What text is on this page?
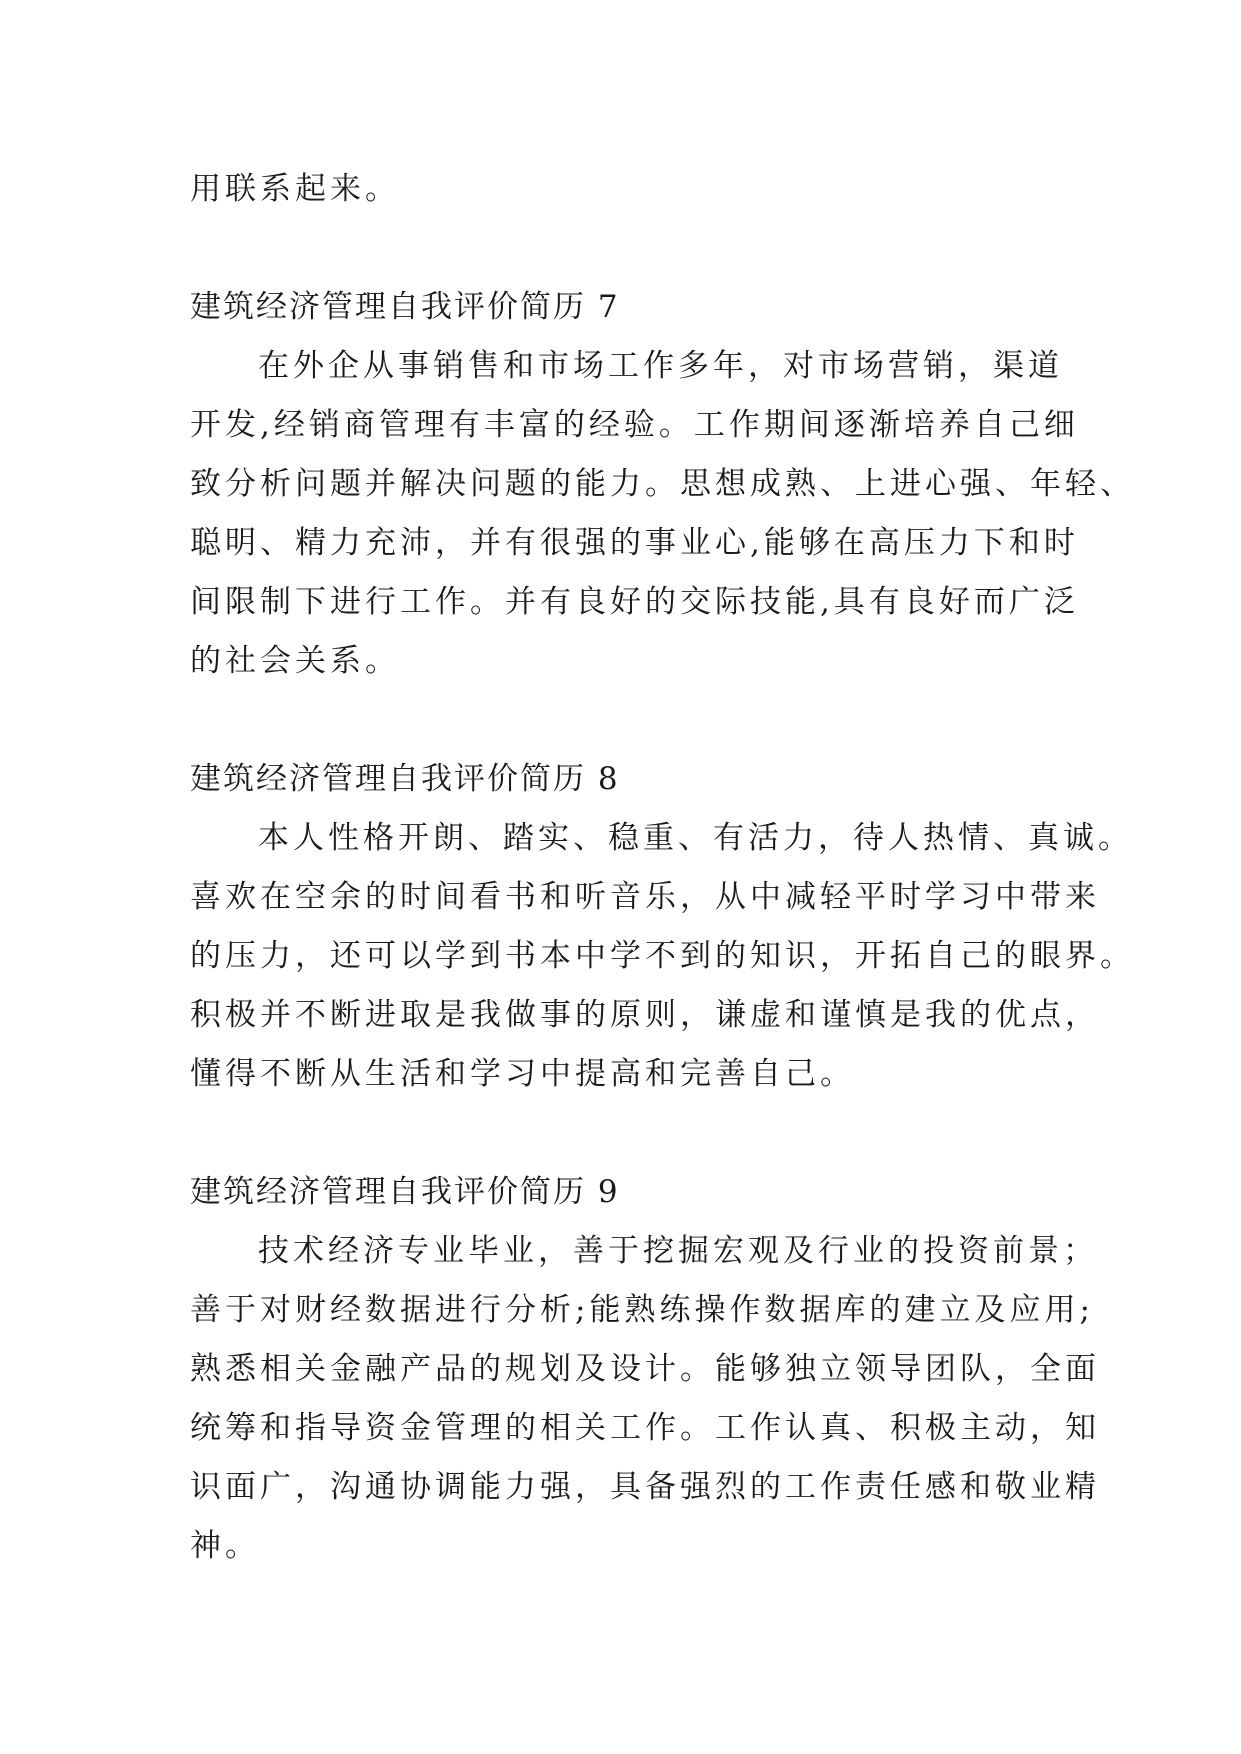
用联系起来。

建筑经济管理自我评价简历 7

在外企从事销售和市场工作多年，对市场营销，渠道

开发,经销商管理有丰富的经验。工作期间逐渐培养自己细

致分析问题并解决问题的能力。思想成熟、上进心强、年轻、

聪明、精力充沛，并有很强的事业心,能够在高压力下和时

间限制下进行工作。并有良好的交际技能,具有良好而广泛

的社会关系。

建筑经济管理自我评价简历 8

本人性格开朗、踏实、稳重、有活力，待人热情、真诚。

喜欢在空余的时间看书和听音乐，从中减轻平时学习中带来

的压力，还可以学到书本中学不到的知识，开拓自己的眼界。

积极并不断进取是我做事的原则，谦虚和谨慎是我的优点，

懂得不断从生活和学习中提高和完善自己。

建筑经济管理自我评价简历 9

技术经济专业毕业，善于挖掘宏观及行业的投资前景；

善于对财经数据进行分析;能熟练操作数据库的建立及应用;

熟悉相关金融产品的规划及设计。能够独立领导团队，全面

统筹和指导资金管理的相关工作。工作认真、积极主动，知

识面广，沟通协调能力强，具备强烈的工作责任感和敬业精

神。
